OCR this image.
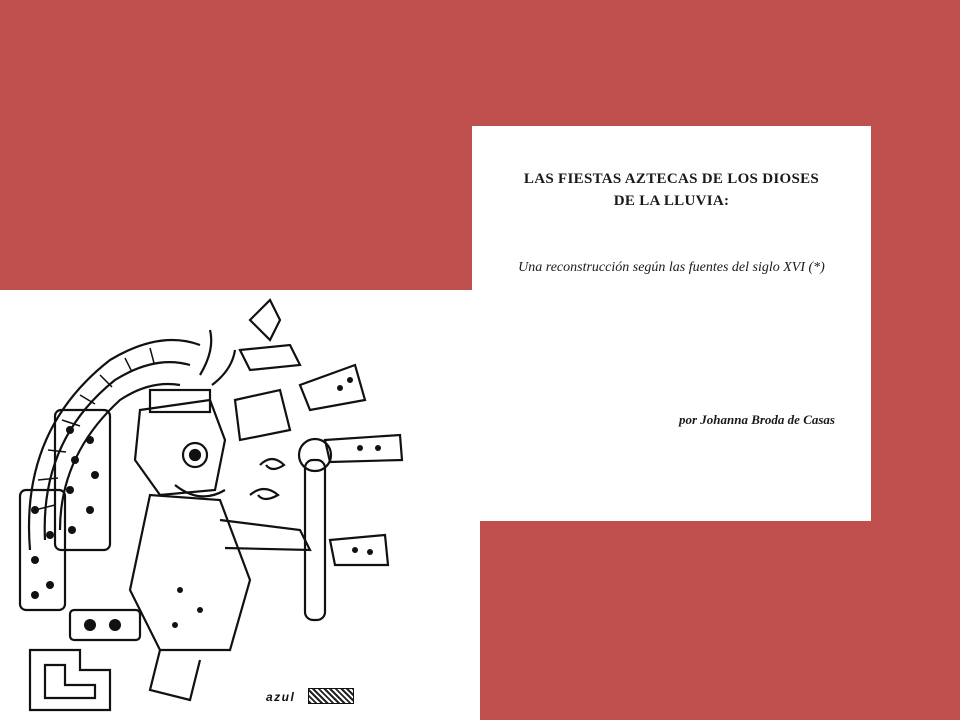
azul
LAS FIESTAS AZTECAS DE LOS DIOSES
DE LA LLUVIA:
Una reconstrucción según las fuentes del siglo XVI (*)
por Johanna Broda de Casas
